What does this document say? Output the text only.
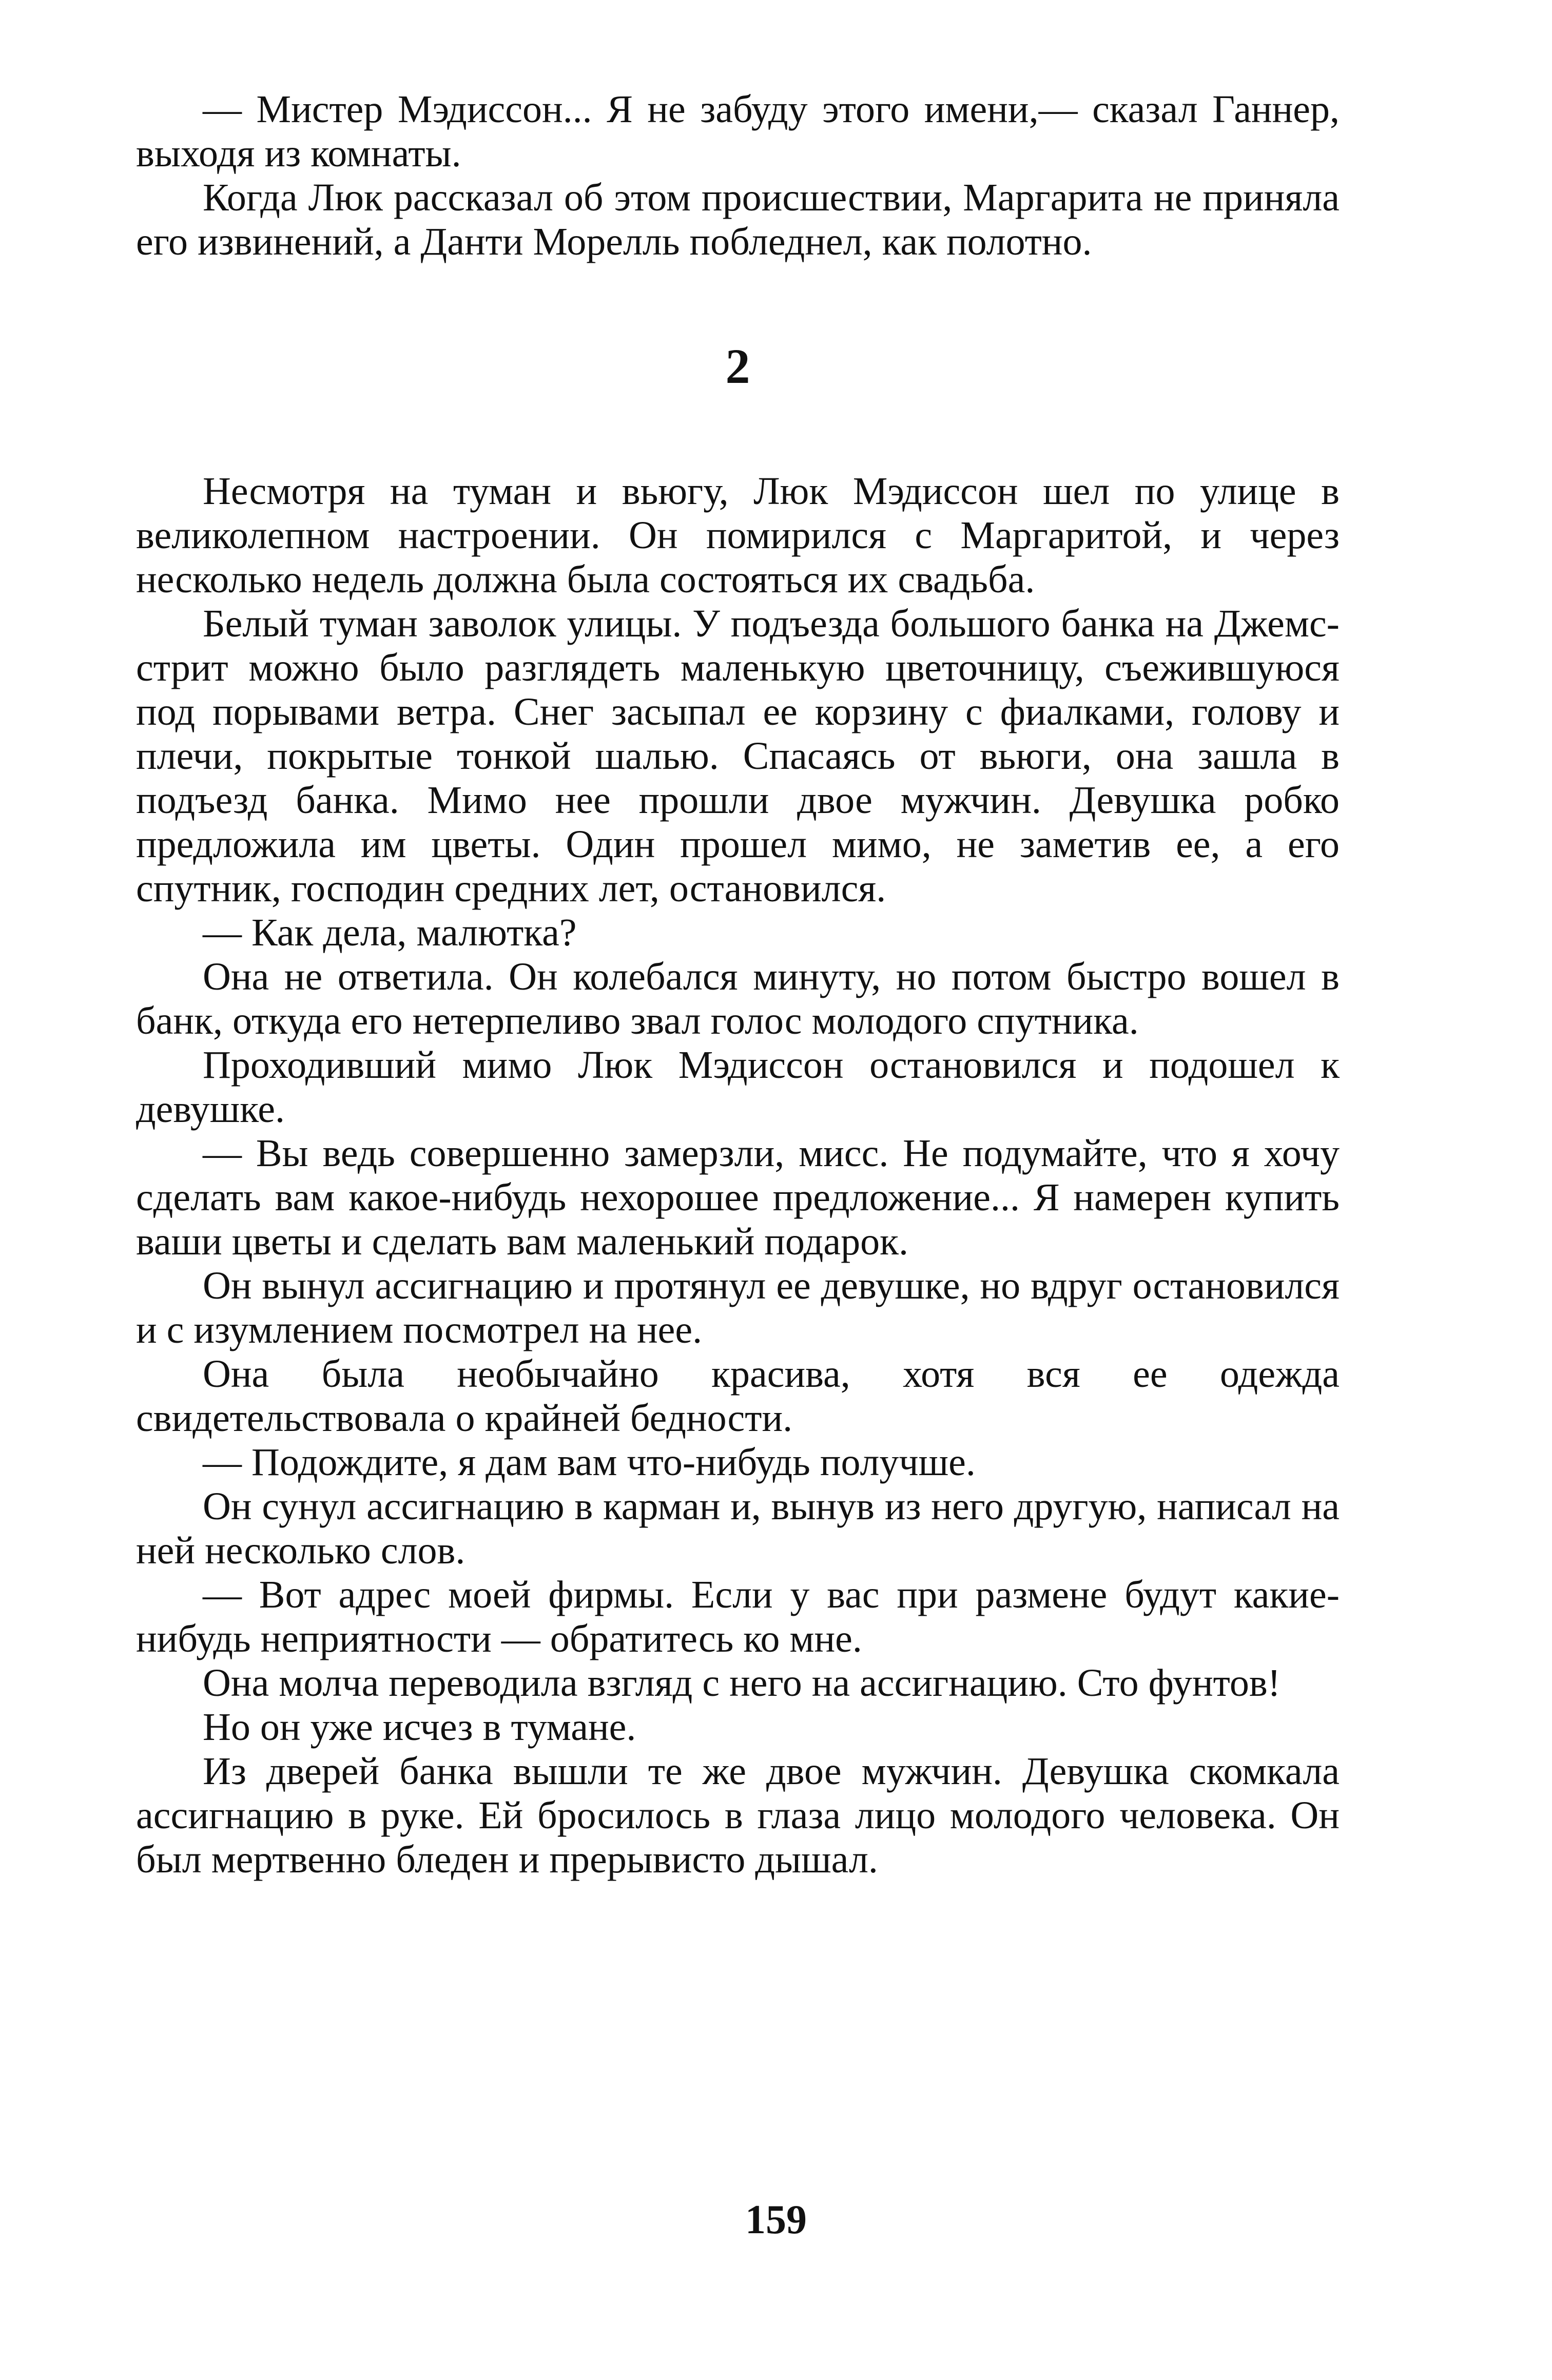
— Мистер Мэдиссон... Я не забуду этого имени,— сказал Ганнер, выходя из комнаты.

Когда Люк рассказал об этом происшествии, Маргарита не приняла его извинений, а Данти Морелль побледнел, как полотно.

2

Несмотря на туман и вьюгу, Люк Мэдиссон шел по улице в великолепном настроении. Он помирился с Маргаритой, и через несколько недель должна была состояться их свадьба.

Белый туман заволок улицы. У подъезда большого банка на Джемс-стрит можно было разглядеть маленькую цветочницу, съежившуюся под порывами ветра. Снег засыпал ее корзину с фиалками, голову и плечи, покрытые тонкой шалью. Спасаясь от вьюги, она зашла в подъезд банка. Мимо нее прошли двое мужчин. Девушка робко предложила им цветы. Один прошел мимо, не заметив ее, а его спутник, господин средних лет, остановился.

— Как дела, малютка?

Она не ответила. Он колебался минуту, но потом быстро вошел в банк, откуда его нетерпеливо звал голос молодого спутника.

Проходивший мимо Люк Мэдиссон остановился и подошел к девушке.

— Вы ведь совершенно замерзли, мисс. Не подумайте, что я хочу сделать вам какое-нибудь нехорошее предложение... Я намерен купить ваши цветы и сделать вам маленький подарок.

Он вынул ассигнацию и протянул ее девушке, но вдруг остановился и с изумлением посмотрел на нее.

Она была необычайно красива, хотя вся ее одежда свидетельствовала о крайней бедности.

— Подождите, я дам вам что-нибудь получше.

Он сунул ассигнацию в карман и, вынув из него другую, написал на ней несколько слов.

— Вот адрес моей фирмы. Если у вас при размене будут какие-нибудь неприятности — обратитесь ко мне.

Она молча переводила взгляд с него на ассигнацию. Сто фунтов!

Но он уже исчез в тумане.

Из дверей банка вышли те же двое мужчин. Девушка скомкала ассигнацию в руке. Ей бросилось в глаза лицо молодого человека. Он был мертвенно бледен и прерывисто дышал.

159
